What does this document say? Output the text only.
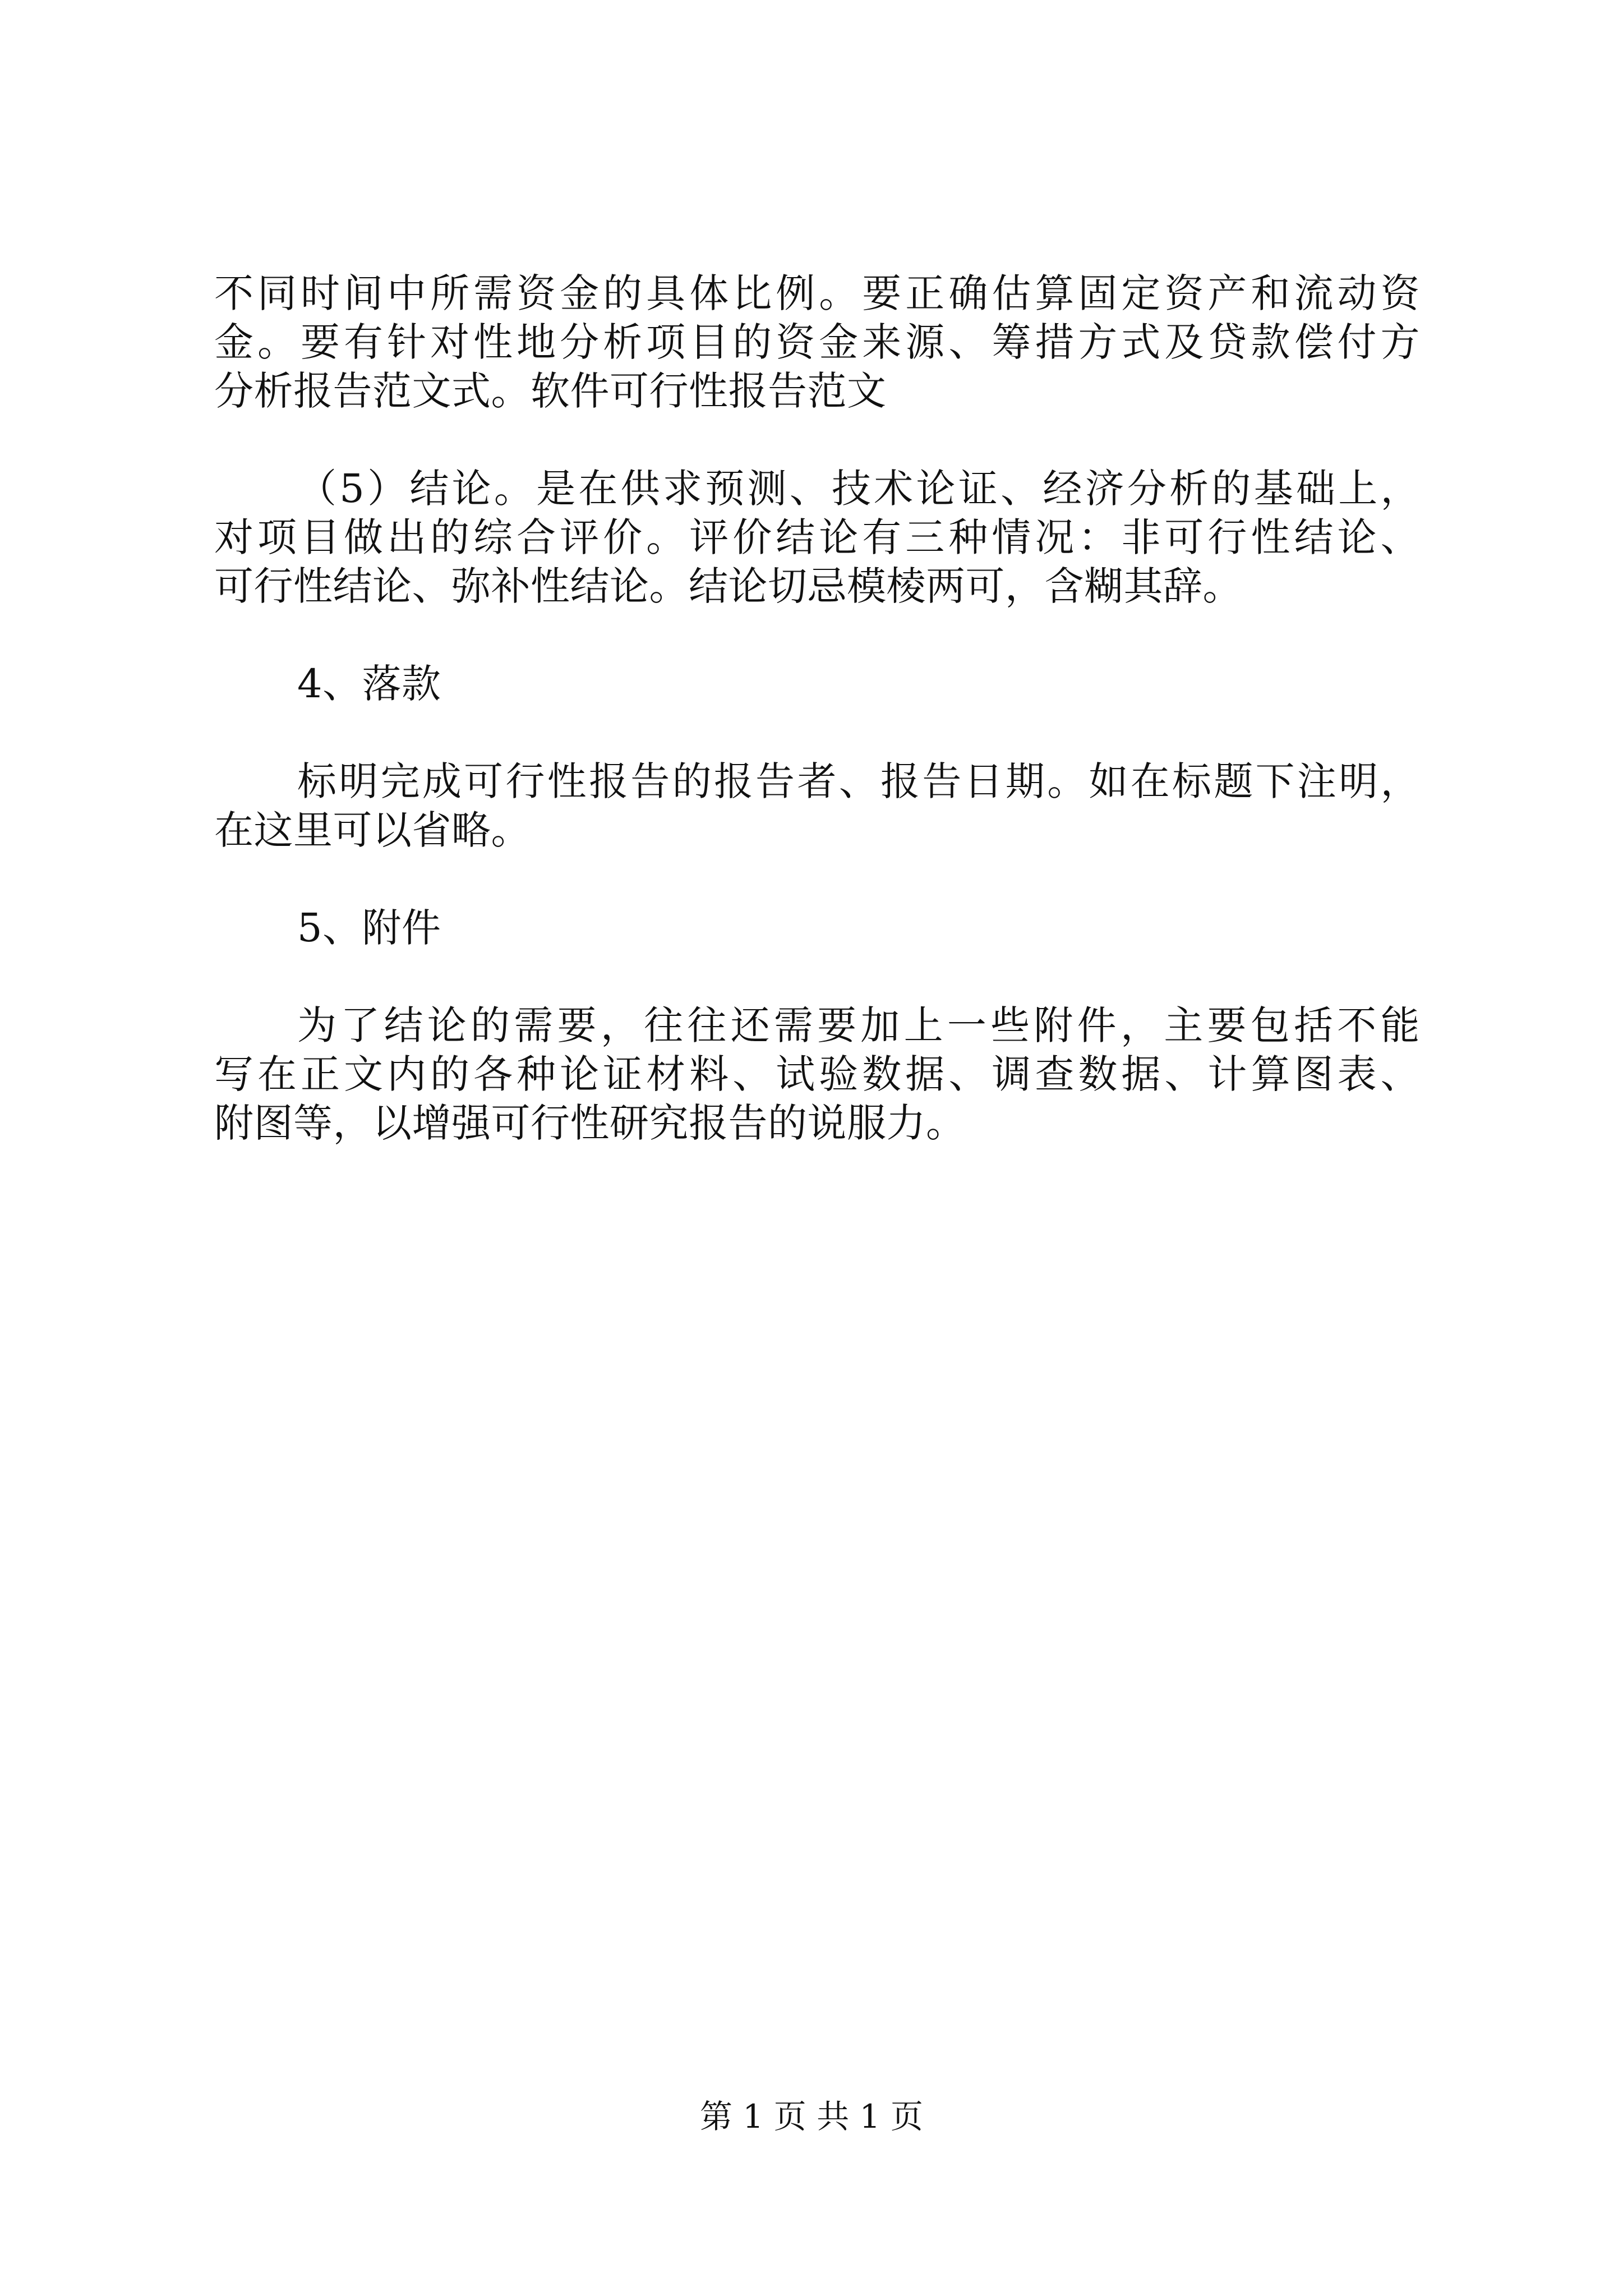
不同时间中所需资金的具体比例。要正确估算固定资产和流动资
金。要有针对性地分析项目的资金来源、筹措方式及贷款偿付方
分析报告范文式。软件可行性报告范文
（5）结论。是在供求预测、技术论证、经济分析的基础上，
对项目做出的综合评价。评价结论有三种情况：非可行性结论、
可行性结论、弥补性结论。结论切忌模棱两可，含糊其辞。
4、落款
标明完成可行性报告的报告者、报告日期。如在标题下注明，
在这里可以省略。
5、附件
为了结论的需要，往往还需要加上一些附件，主要包括不能
写在正文内的各种论证材料、试验数据、调查数据、计算图表、
附图等，以增强可行性研究报告的说服力。
第 1 页 共 1 页
